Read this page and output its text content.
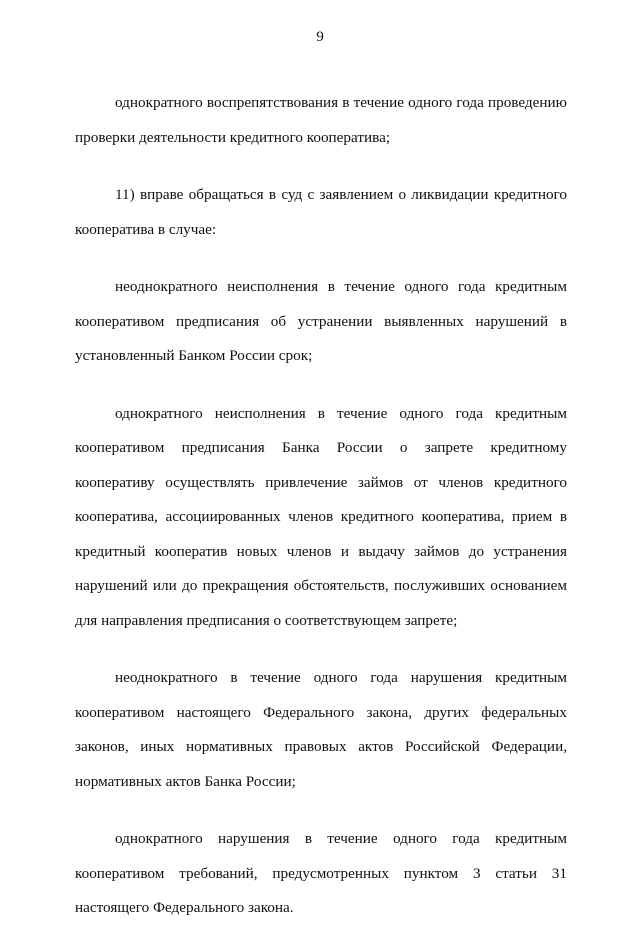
9

однократного воспрепятствования в течение одного года проведению проверки деятельности кредитного кооператива;

11) вправе обращаться в суд с заявлением о ликвидации кредитного кооператива в случае:

неоднократного неисполнения в течение одного года кредитным кооперативом предписания об устранении выявленных нарушений в установленный Банком России срок;

однократного неисполнения в течение одного года кредитным кооперативом предписания Банка России о запрете кредитному кооперативу осуществлять привлечение займов от членов кредитного кооператива, ассоциированных членов кредитного кооператива, прием в кредитный кооператив новых членов и выдачу займов до устранения нарушений или до прекращения обстоятельств, послуживших основанием для направления предписания о соответствующем запрете;

неоднократного в течение одного года нарушения кредитным кооперативом настоящего Федерального закона, других федеральных законов, иных нормативных правовых актов Российской Федерации, нормативных актов Банка России;

однократного нарушения в течение одного года кредитным кооперативом требований, предусмотренных пунктом 3 статьи 31 настоящего Федерального закона.
